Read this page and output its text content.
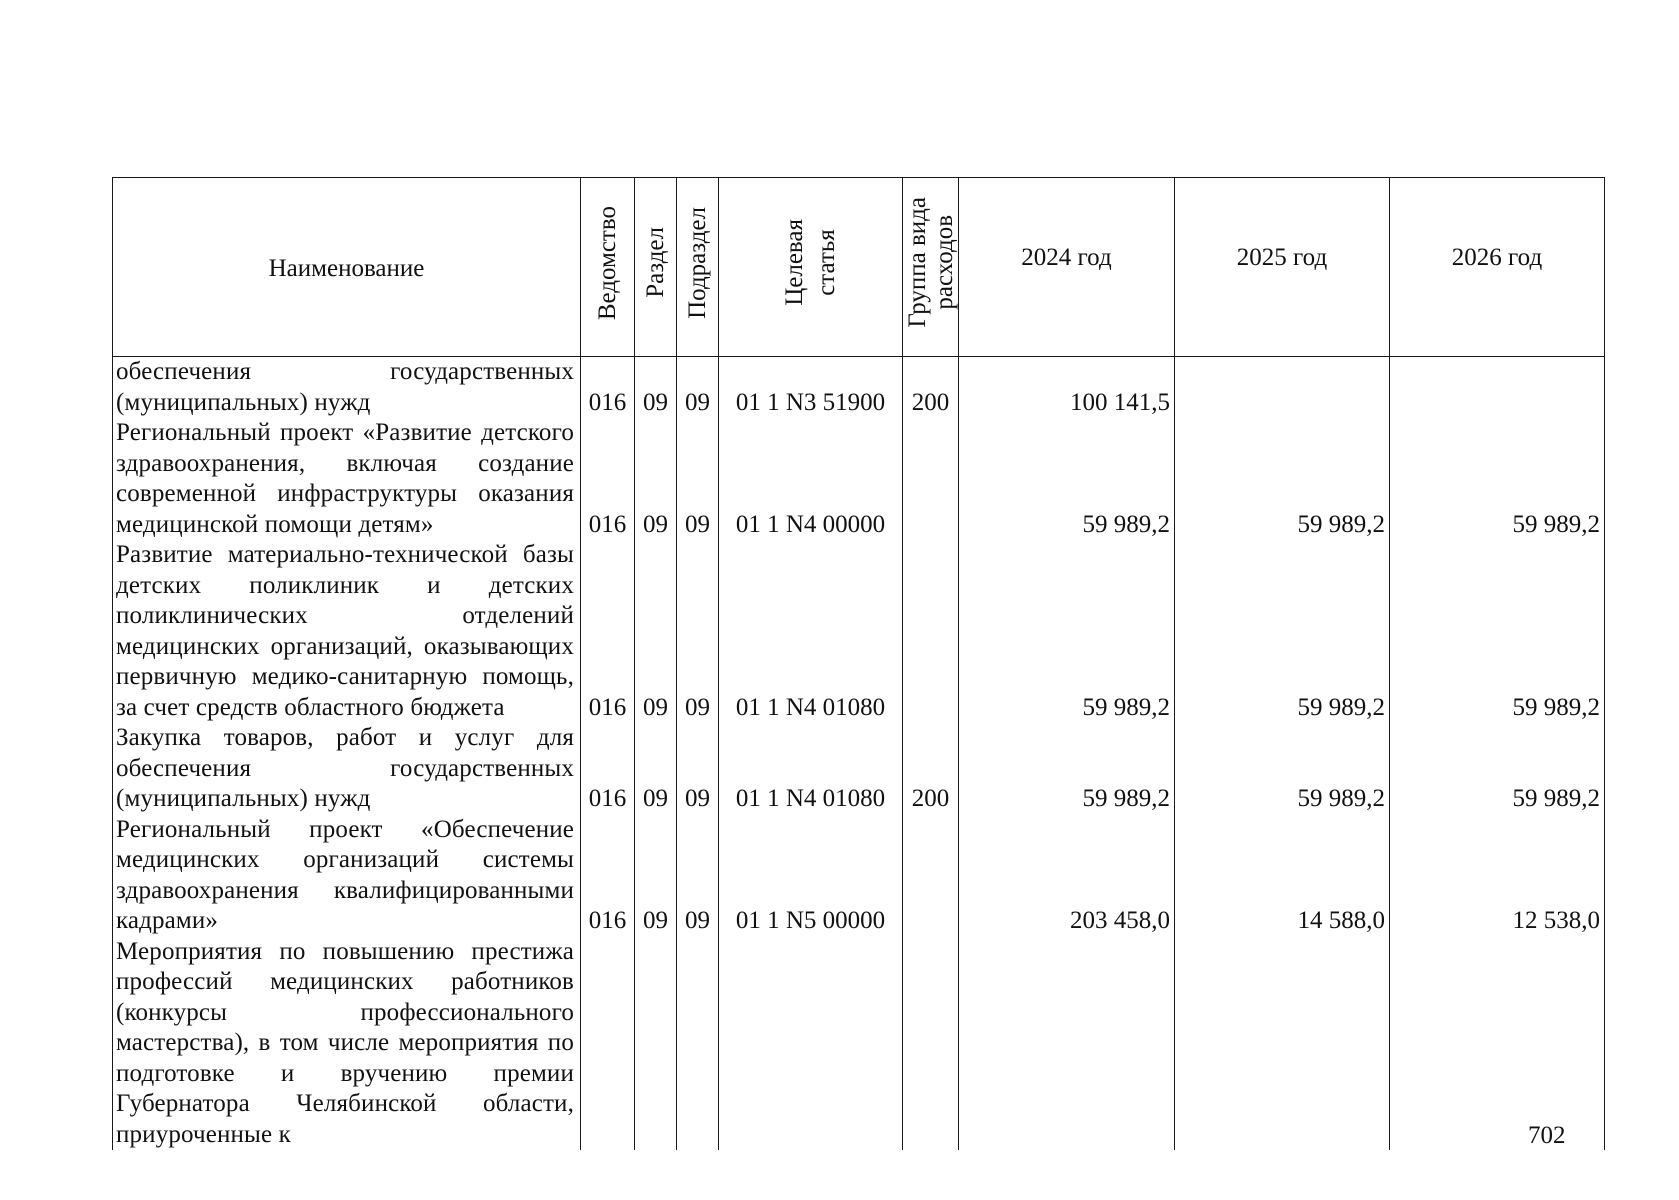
Наименование	Ведомство	Раздел	Подраздел	Целевая статья	Группа вида расходов	2024 год	2025 год	2026 год
обеспечения государственных (муниципальных) нужд	016	09	09	01 1 N3 51900	200	100 141,5		
Региональный проект «Развитие детского здравоохранения, включая создание современной инфраструктуры оказания медицинской помощи детям»	016	09	09	01 1 N4 00000		59 989,2	59 989,2	59 989,2
Развитие материально-технической базы детских поликлиник и детских поликлинических отделений медицинских организаций, оказывающих первичную медико-санитарную помощь, за счет средств областного бюджета	016	09	09	01 1 N4 01080		59 989,2	59 989,2	59 989,2
Закупка товаров, работ и услуг для обеспечения государственных (муниципальных) нужд	016	09	09	01 1 N4 01080	200	59 989,2	59 989,2	59 989,2
Региональный проект «Обеспечение медицинских организаций системы здравоохранения квалифицированными кадрами»	016	09	09	01 1 N5 00000		203 458,0	14 588,0	12 538,0
Мероприятия по повышению престижа профессий медицинских работников (конкурсы профессионального мастерства), в том числе мероприятия по подготовке и вручению премии Губернатора Челябинской области, приуроченные к									702
